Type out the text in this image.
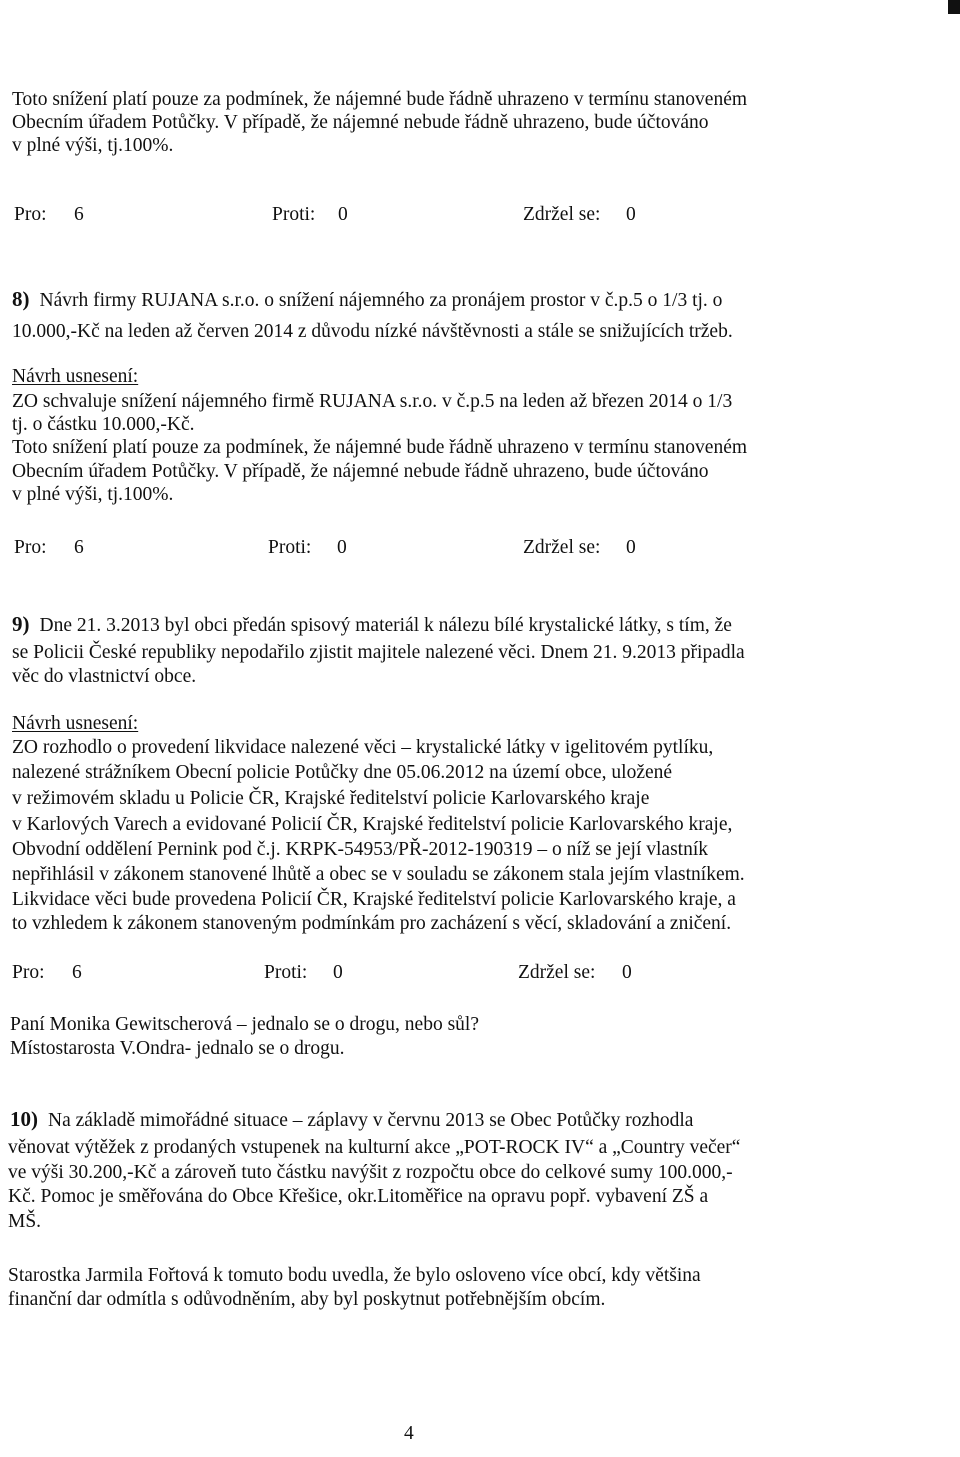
Toto snížení platí pouze za podmínek, že nájemné bude řádně uhrazeno v termínu stanoveném
Obecním úřadem Potůčky. V případě, že nájemné nebude řádně uhrazeno, bude účtováno
v plné výši, tj.100%.
Pro: 6	Proti: 0	Zdržel se: 0
8) Návrh firmy RUJANA s.r.o. o snížení nájemného za pronájem prostor v č.p.5 o 1/3 tj. o
10.000,-Kč na leden až červen 2014 z důvodu nízké návštěvnosti a stále se snižujících tržeb.
Návrh usnesení:
ZO schvaluje snížení nájemného firmě RUJANA s.r.o. v č.p.5 na leden až březen 2014 o 1/3
tj. o částku 10.000,-Kč.
Toto snížení platí pouze za podmínek, že nájemné bude řádně uhrazeno v termínu stanoveném
Obecním úřadem Potůčky. V případě, že nájemné nebude řádně uhrazeno, bude účtováno
v plné výši, tj.100%.
Pro: 6	Proti: 0	Zdržel se: 0
9) Dne 21. 3.2013 byl obci předán spisový materiál k nálezu bílé krystalické látky, s tím, že
se Policii České republiky nepodařilo zjistit majitele nalezené věci. Dnem 21. 9.2013 připadla
věc do vlastnictví obce.
Návrh usnesení:
ZO rozhodlo o provedení likvidace nalezené věci – krystalické látky v igelitovém pytlíku,
nalezené strážníkem Obecní policie Potůčky dne 05.06.2012 na území obce, uložené
v režimovém skladu u Policie ČR, Krajské ředitelství policie Karlovarského kraje
v Karlových Varech a evidované Policií ČR, Krajské ředitelství policie Karlovarského kraje,
Obvodní oddělení Pernink pod č.j. KRPK-54953/PŘ-2012-190319 – o níž se její vlastník
nepřihlásil v zákonem stanovené lhůtě a obec se v souladu se zákonem stala jejím vlastníkem.
Likvidace věci bude provedena Policií ČR, Krajské ředitelství policie Karlovarského kraje, a
to vzhledem k zákonem stanoveným podmínkám pro zacházení s věcí, skladování a zničení.
Pro: 6	Proti: 0	Zdržel se: 0
Paní Monika Gewitscherová – jednalo se o drogu, nebo sůl?
Místostarosta V.Ondra- jednalo se o drogu.
10) Na základě mimořádné situace – záplavy v červnu 2013 se Obec Potůčky rozhodla
věnovat výtěžek z prodaných vstupenek na kulturní akce „POT-ROCK IV“ a „Country večer“
ve výši 30.200,-Kč a zároveň tuto částku navýšit z rozpočtu obce do celkové sumy 100.000,-
Kč. Pomoc je směřována do Obce Křešice, okr.Litoměřice na opravu popř. vybavení ZŠ a
MŠ.
Starostka Jarmila Fořtová k tomuto bodu uvedla, že bylo osloveno více obcí, kdy většina
finanční dar odmítla s odůvodněním, aby byl poskytnut potřebnějším obcím.
4
